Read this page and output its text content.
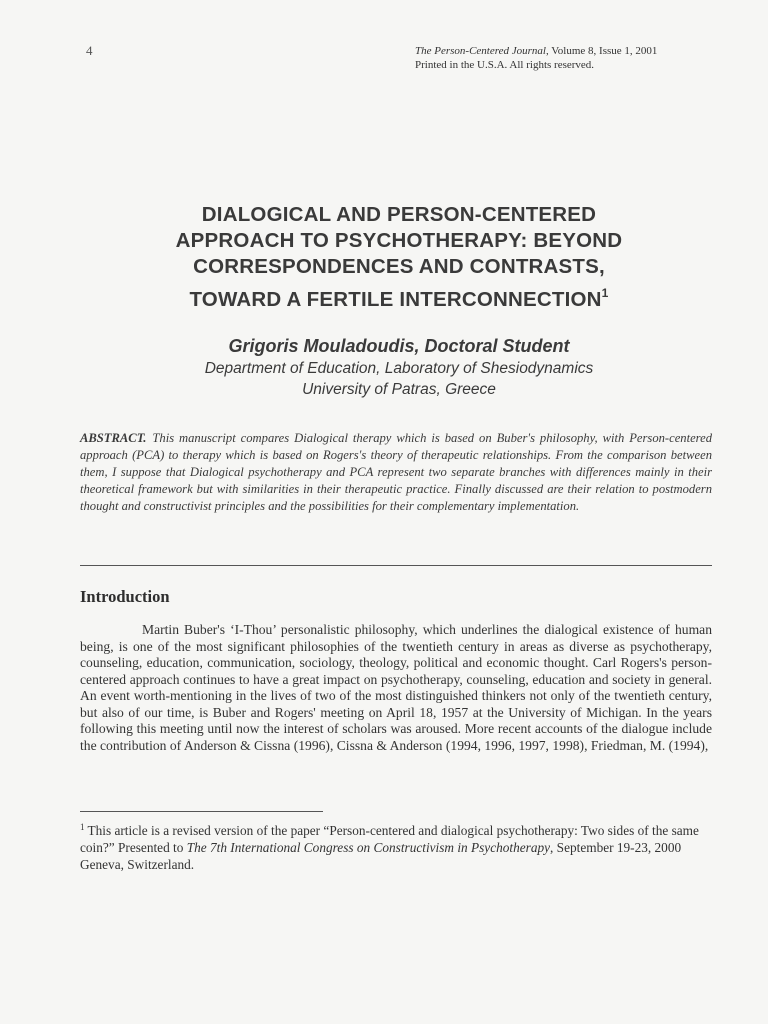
4	The Person-Centered Journal, Volume 8, Issue 1, 2001
Printed in the U.S.A. All rights reserved.
DIALOGICAL AND PERSON-CENTERED
APPROACH TO PSYCHOTHERAPY: BEYOND
CORRESPONDENCES AND CONTRASTS,
TOWARD A FERTILE INTERCONNECTION$^1$
Grigoris Mouladoudis, Doctoral Student
Department of Education, Laboratory of Shesiodynamics
University of Patras, Greece

ABSTRACT. This manuscript compares Dialogical therapy which is based on Buber's philosophy, with Person-centered approach (PCA) to therapy which is based on Rogers's theory of therapeutic relationships. From the comparison between them, I suppose that Dialogical psychotherapy and PCA represent two separate branches with differences mainly in their theoretical framework but with similarities in their therapeutic practice. Finally discussed are their relation to postmodern thought and constructivist principles and the possibilities for their complementary implementation.

Introduction

Martin Buber's ‘I-Thou’ personalistic philosophy, which underlines the dialogical existence of human being, is one of the most significant philosophies of the twentieth century in areas as diverse as psychotherapy, counseling, education, communication, sociology, theology, political and economic thought. Carl Rogers's person-centered approach continues to have a great impact on psychotherapy, counseling, education and society in general. An event worth-mentioning in the lives of two of the most distinguished thinkers not only of the twentieth century, but also of our time, is Buber and Rogers' meeting on April 18, 1957 at the University of Michigan. In the years following this meeting until now the interest of scholars was aroused. More recent accounts of the dialogue include the contribution of Anderson & Cissna (1996), Cissna & Anderson (1994, 1996, 1997, 1998), Friedman, M. (1994),

$^1$ This article is a revised version of the paper “Person-centered and dialogical psychotherapy: Two sides of the same coin?” Presented to The 7th International Congress on Constructivism in Psychotherapy, September 19-23, 2000 Geneva, Switzerland.
